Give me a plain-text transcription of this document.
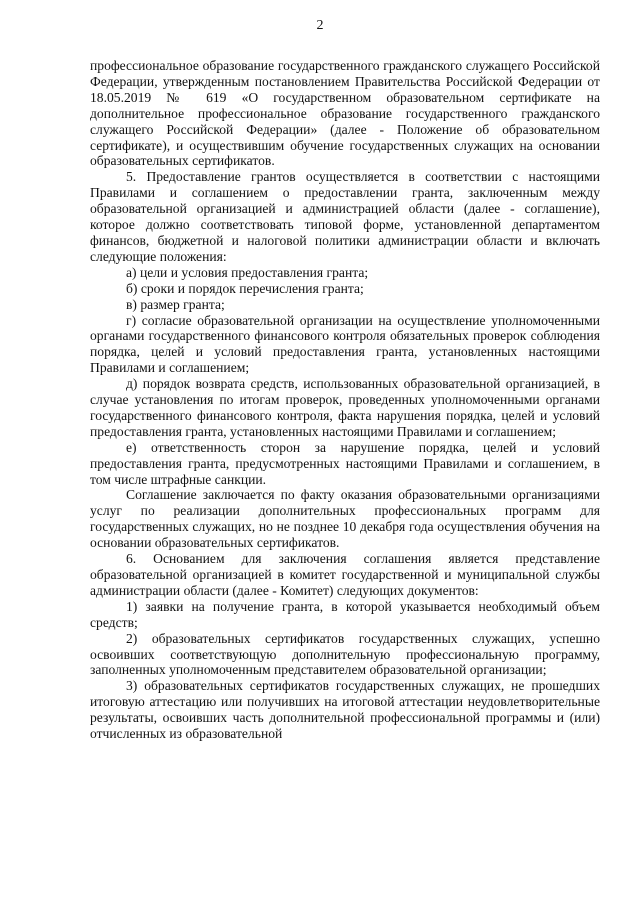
2

профессиональное образование государственного гражданского служащего Российской Федерации, утвержденным постановлением Правительства Российской Федерации от 18.05.2019 № 619 «О государственном образовательном сертификате на дополнительное профессиональное образование государственного гражданского служащего Российской Федерации» (далее - Положение об образовательном сертификате), и осуществившим обучение государственных служащих на основании образовательных сертификатов.

5. Предоставление грантов осуществляется в соответствии с настоящими Правилами и соглашением о предоставлении гранта, заключенным между образовательной организацией и администрацией области (далее - соглашение), которое должно соответствовать типовой форме, установленной департаментом финансов, бюджетной и налоговой политики администрации области и включать следующие положения:

а) цели и условия предоставления гранта;

б) сроки и порядок перечисления гранта;

в) размер гранта;

г) согласие образовательной организации на осуществление уполномоченными органами государственного финансового контроля обязательных проверок соблюдения порядка, целей и условий предоставления гранта, установленных настоящими Правилами и соглашением;

д) порядок возврата средств, использованных образовательной организацией, в случае установления по итогам проверок, проведенных уполномоченными органами государственного финансового контроля, факта нарушения порядка, целей и условий предоставления гранта, установленных настоящими Правилами и соглашением;

е) ответственность сторон за нарушение порядка, целей и условий предоставления гранта, предусмотренных настоящими Правилами и соглашением, в том числе штрафные санкции.

Соглашение заключается по факту оказания образовательными организациями услуг по реализации дополнительных профессиональных программ для государственных служащих, но не позднее 10 декабря года осуществления обучения на основании образовательных сертификатов.

6. Основанием для заключения соглашения является представление образовательной организацией в комитет государственной и муниципальной службы администрации области (далее - Комитет) следующих документов:

1) заявки на получение гранта, в которой указывается необходимый объем средств;

2) образовательных сертификатов государственных служащих, успешно освоивших соответствующую дополнительную профессиональную программу, заполненных уполномоченным представителем образовательной организации;

3) образовательных сертификатов государственных служащих, не прошедших итоговую аттестацию или получивших на итоговой аттестации неудовлетворительные результаты, освоивших часть дополнительной профессиональной программы и (или) отчисленных из образовательной
